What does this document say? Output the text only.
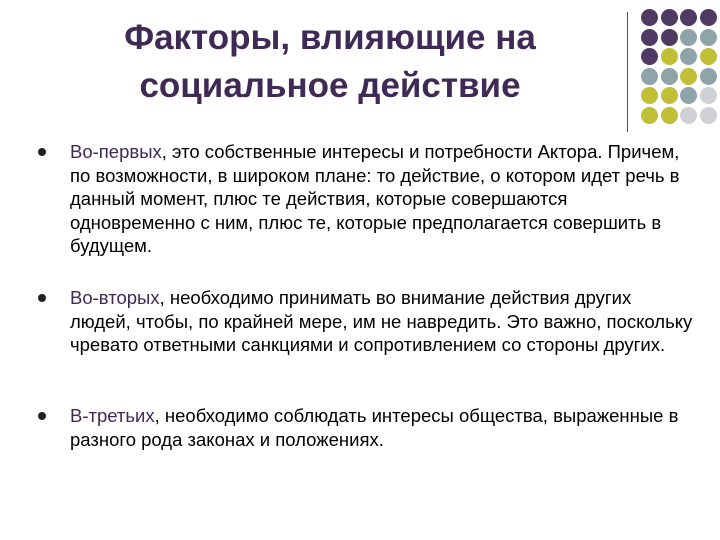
Факторы, влияющие на
социальное действие
Во-первых, это собственные интересы и потребности Актора. Причем, по возможности, в широком плане: то действие, о котором идет речь в данный момент, плюс те действия, которые совершаются одновременно с ним, плюс те, которые предполагается совершить в будущем.
Во-вторых, необходимо принимать во внимание действия других людей, чтобы, по крайней мере, им не навредить. Это важно, поскольку чревато ответными санкциями и сопротивлением со стороны других.
В-третьих, необходимо соблюдать интересы общества, выраженные в разного рода законах и положениях.
